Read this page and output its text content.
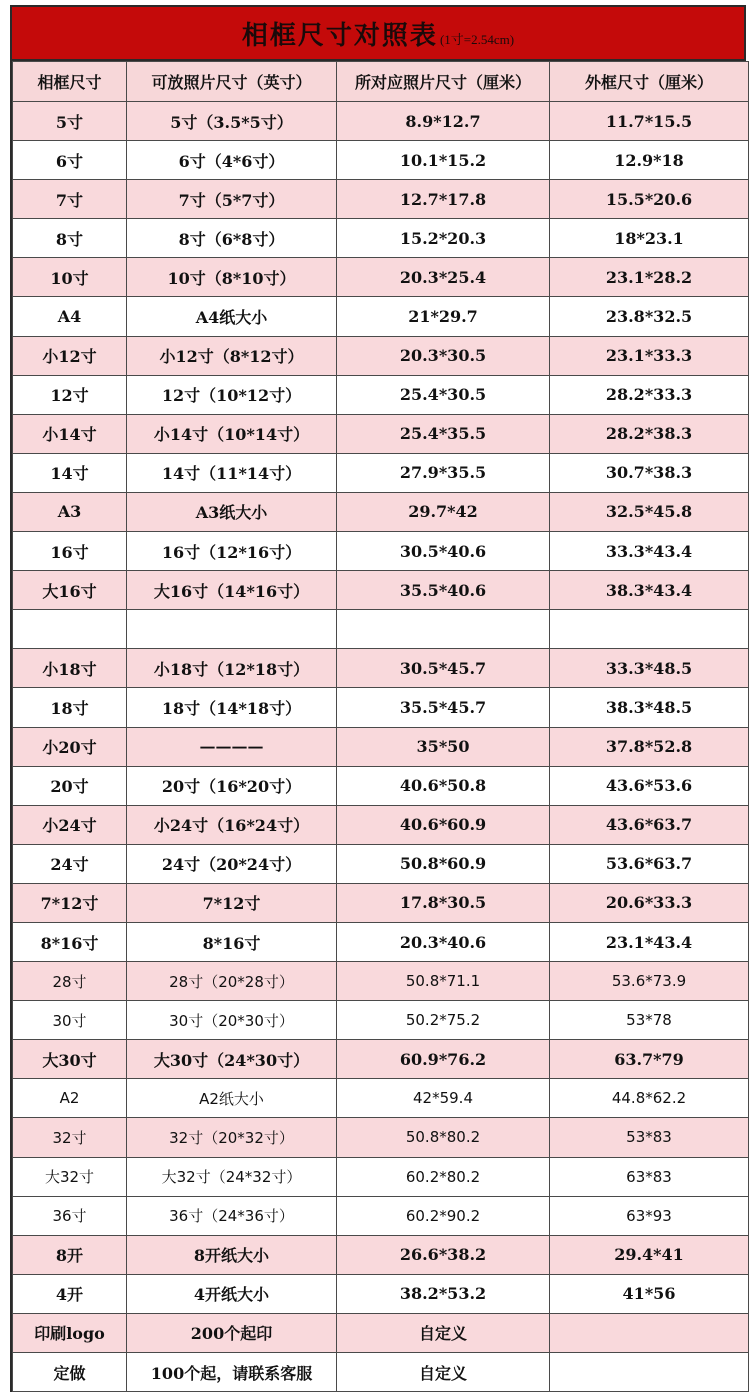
相框尺寸对照表 (1寸=2.54cm)
相框尺寸	可放照片尺寸（英寸）	所对应照片尺寸（厘米）	外框尺寸（厘米）
5寸	5寸（3.5*5寸）	8.9*12.7	11.7*15.5
6寸	6寸（4*6寸）	10.1*15.2	12.9*18
7寸	7寸（5*7寸）	12.7*17.8	15.5*20.6
8寸	8寸（6*8寸）	15.2*20.3	18*23.1
10寸	10寸（8*10寸）	20.3*25.4	23.1*28.2
A4	A4纸大小	21*29.7	23.8*32.5
小12寸	小12寸（8*12寸）	20.3*30.5	23.1*33.3
12寸	12寸（10*12寸）	25.4*30.5	28.2*33.3
小14寸	小14寸（10*14寸）	25.4*35.5	28.2*38.3
14寸	14寸（11*14寸）	27.9*35.5	30.7*38.3
A3	A3纸大小	29.7*42	32.5*45.8
16寸	16寸（12*16寸）	30.5*40.6	33.3*43.4
大16寸	大16寸（14*16寸）	35.5*40.6	38.3*43.4

小18寸	小18寸（12*18寸）	30.5*45.7	33.3*48.5
18寸	18寸（14*18寸）	35.5*45.7	38.3*48.5
小20寸	————	35*50	37.8*52.8
20寸	20寸（16*20寸）	40.6*50.8	43.6*53.6
小24寸	小24寸（16*24寸）	40.6*60.9	43.6*63.7
24寸	24寸（20*24寸）	50.8*60.9	53.6*63.7
7*12寸	7*12寸	17.8*30.5	20.6*33.3
8*16寸	8*16寸	20.3*40.6	23.1*43.4
28寸	28寸（20*28寸）	50.8*71.1	53.6*73.9
30寸	30寸（20*30寸）	50.2*75.2	53*78
大30寸	大30寸（24*30寸）	60.9*76.2	63.7*79
A2	A2纸大小	42*59.4	44.8*62.2
32寸	32寸（20*32寸）	50.8*80.2	53*83
大32寸	大32寸（24*32寸）	60.2*80.2	63*83
36寸	36寸（24*36寸）	60.2*90.2	63*93
8开	8开纸大小	26.6*38.2	29.4*41
4开	4开纸大小	38.2*53.2	41*56
印刷logo	200个起印	自定义	
定做	100个起，请联系客服	自定义	
